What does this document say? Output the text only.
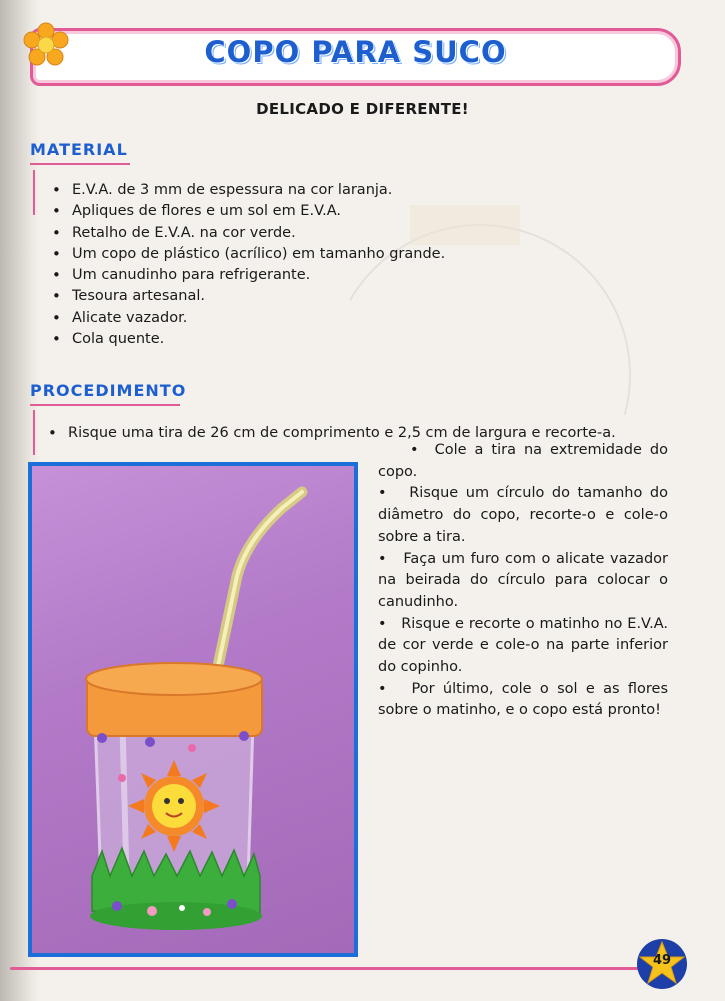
COPO PARA SUCO
DELICADO E DIFERENTE!
MATERIAL
• E.V.A. de 3 mm de espessura na cor laranja.
• Apliques de flores e um sol em E.V.A.
• Retalho de E.V.A. na cor verde.
• Um copo de plástico (acrílico) em tamanho grande.
• Um canudinho para refrigerante.
• Tesoura artesanal.
• Alicate vazador.
• Cola quente.
PROCEDIMENTO
• Risque uma tira de 26 cm de comprimento e 2,5 cm de largura e recorte-a.

•  Cole a tira na extremidade do copo.

•   Risque um círculo do tamanho do diâmetro do copo, recorte-o e cole-o sobre a tira.

•   Faça um furo com o alicate vazador na beirada do círculo para colocar o canudinho.

•   Risque e recorte o matinho no E.V.A. de cor verde e cole-o na parte inferior do copinho.

•   Por último, cole o sol e as flores sobre o matinho, e o copo está pronto!

49
